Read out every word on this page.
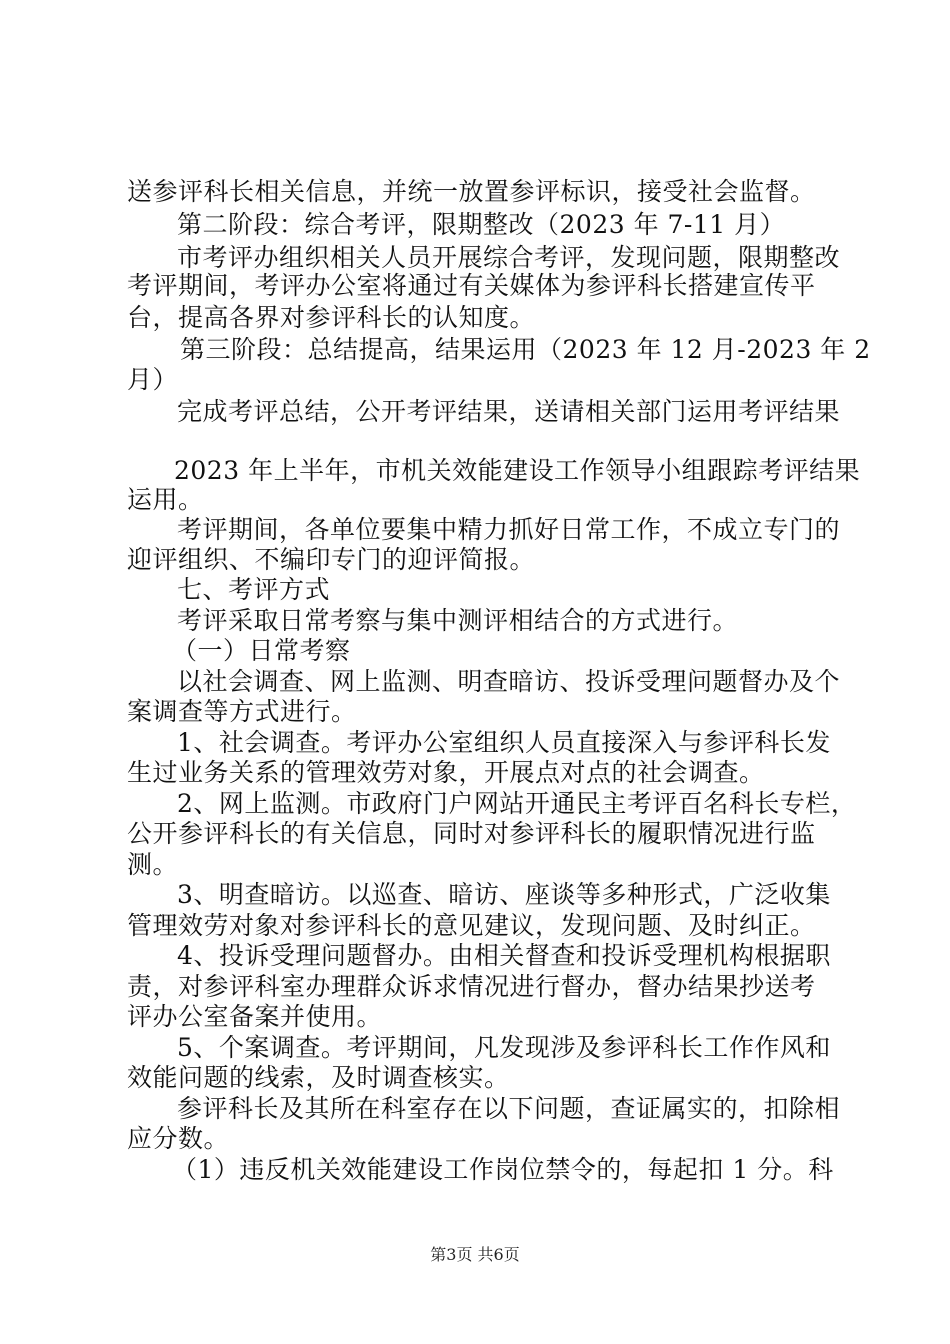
送参评科长相关信息，并统一放置参评标识，接受社会监督。
第二阶段：综合考评，限期整改（2023 年 7-11 月）
市考评办组织相关人员开展综合考评，发现问题，限期整改
考评期间，考评办公室将通过有关媒体为参评科长搭建宣传平
台，提高各界对参评科长的认知度。
第三阶段：总结提高，结果运用（2023 年 12 月-2023 年 2
月）
完成考评总结，公开考评结果，送请相关部门运用考评结果
2023 年上半年，市机关效能建设工作领导小组跟踪考评结果
运用。
考评期间，各单位要集中精力抓好日常工作，不成立专门的
迎评组织、不编印专门的迎评简报。
七、考评方式
考评采取日常考察与集中测评相结合的方式进行。
（一）日常考察
以社会调查、网上监测、明查暗访、投诉受理问题督办及个
案调查等方式进行。
1、社会调查。考评办公室组织人员直接深入与参评科长发
生过业务关系的管理效劳对象，开展点对点的社会调查。
2、网上监测。市政府门户网站开通民主考评百名科长专栏，
公开参评科长的有关信息，同时对参评科长的履职情况进行监
测。
3、明查暗访。以巡查、暗访、座谈等多种形式，广泛收集
管理效劳对象对参评科长的意见建议，发现问题、及时纠正。
4、投诉受理问题督办。由相关督查和投诉受理机构根据职
责，对参评科室办理群众诉求情况进行督办，督办结果抄送考
评办公室备案并使用。
5、个案调查。考评期间，凡发现涉及参评科长工作作风和
效能问题的线索，及时调查核实。
参评科长及其所在科室存在以下问题，查证属实的，扣除相
应分数。
（1）违反机关效能建设工作岗位禁令的，每起扣 1 分。科
第3页 共6页
